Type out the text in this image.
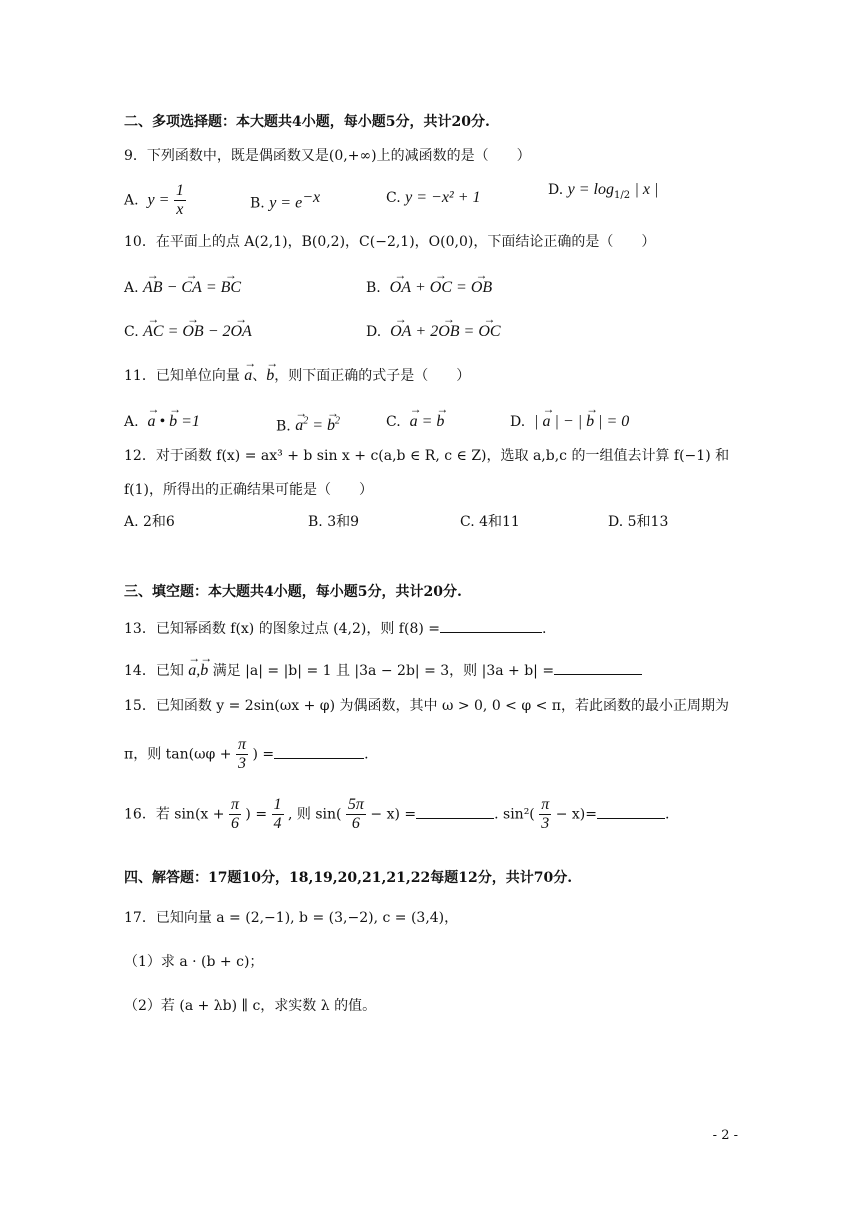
二、多项选择题：本大题共4小题，每小题5分，共计20分.
9．下列函数中，既是偶函数又是(0,+∞)上的减函数的是（　　）
A. $y = \frac{1}{x}$	B. $y = e^{-x}$	C. y = −x² + 1	D. $y = \log_{1/2}$ | x |
10．在平面上的点 A(2,1)，B(0,2)，C(−2,1)，O(0,0)，下面结论正确的是（　　）
A. → AB − → CA = → BC	B. → OA + → OC = → OB
C. → AC = → OB − 2→ OA	D. → OA + 2→ OB = → OC
11．已知单位向量 → a、→ b，则下面正确的式子是（　　）
A. → a • → b =1	B. → $a^2$ = → $b^2$	C. → a = → b	D. | → a | − | → b | = 0
12．对于函数 f(x) = ax³ + b sin x + c(a,b ∈ R, c ∈ Z)，选取 a,b,c 的一组值去计算 f(−1) 和
f(1)，所得出的正确结果可能是（　　）
A. 2和6	B. 3和9	C. 4和11	D. 5和13
三、填空题：本大题共4小题，每小题5分，共计20分.
13．已知幂函数 f(x) 的图象过点 (4,2)，则 f(8) =	.
14．已知 → a,→ b 满足 |a| = |b| = 1 且 |3a − 2b| = 3，则 |3a + b| =
15．已知函数 y = 2sin(ωx + φ) 为偶函数，其中 ω > 0, 0 < φ < π，若此函数的最小正周期为
π，则 $\tan(\omega\varphi + \frac{\pi}{3}$ ) =	.
16．若 $\sin(x + \frac{\pi}{6}$ ) = $\frac{1}{4}$ , 则 $\sin( \frac{5\pi}{6} - x)$ =	. $\sin^2( \frac{\pi}{3} - x)=$	.
四、解答题：17题10分，18,19,20,21,21,22每题12分，共计70分.
17．已知向量 a = (2,−1), b = (3,−2), c = (3,4)，
（1）求 a · (b + c)；
（2）若 (a + λb) ∥ c，求实数 λ 的值。
- 2 -
